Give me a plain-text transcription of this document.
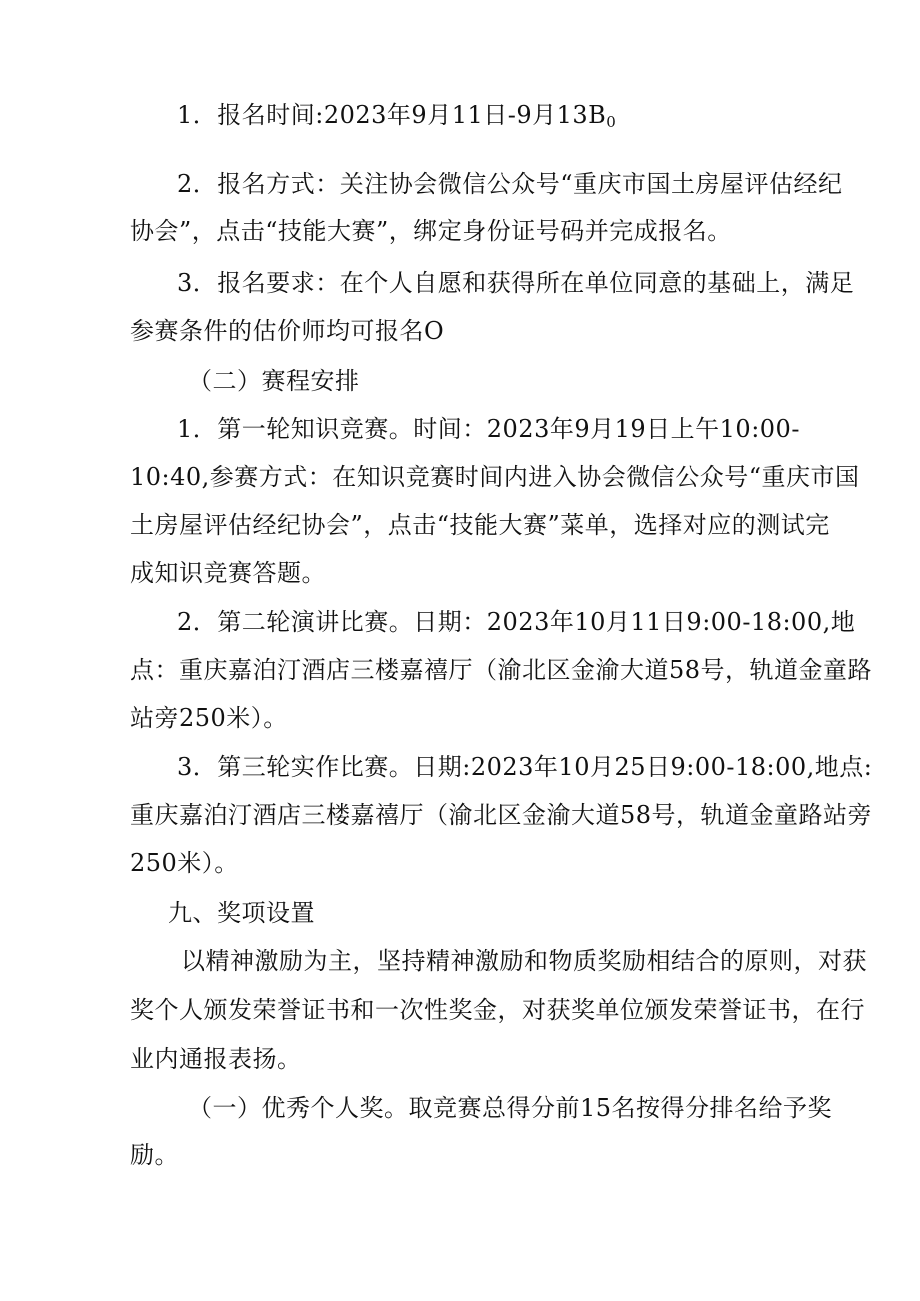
1．报名时间:2023年9月11日-9月$13B_0$
2．报名方式：关注协会微信公众号“重庆市国土房屋评估经纪
协会”，点击“技能大赛”，绑定身份证号码并完成报名。
3．报名要求：在个人自愿和获得所在单位同意的基础上，满足
参赛条件的估价师均可报名O
（二）赛程安排
1．第一轮知识竞赛。时间：2023年9月19日上午10:00-
10:40,参赛方式：在知识竞赛时间内进入协会微信公众号“重庆市国
土房屋评估经纪协会”，点击“技能大赛”菜单，选择对应的测试完
成知识竞赛答题。
2．第二轮演讲比赛。日期：2023年10月11日9:00-18:00,地
点：重庆嘉泊汀酒店三楼嘉禧厅（渝北区金渝大道58号，轨道金童路
站旁250米）。
3．第三轮实作比赛。日期:2023年10月25日9:00-18:00,地点:
重庆嘉泊汀酒店三楼嘉禧厅（渝北区金渝大道58号，轨道金童路站旁
250米）。
九、奖项设置
以精神激励为主，坚持精神激励和物质奖励相结合的原则，对获
奖个人颁发荣誉证书和一次性奖金，对获奖单位颁发荣誉证书，在行
业内通报表扬。
（一）优秀个人奖。取竞赛总得分前15名按得分排名给予奖
励。
